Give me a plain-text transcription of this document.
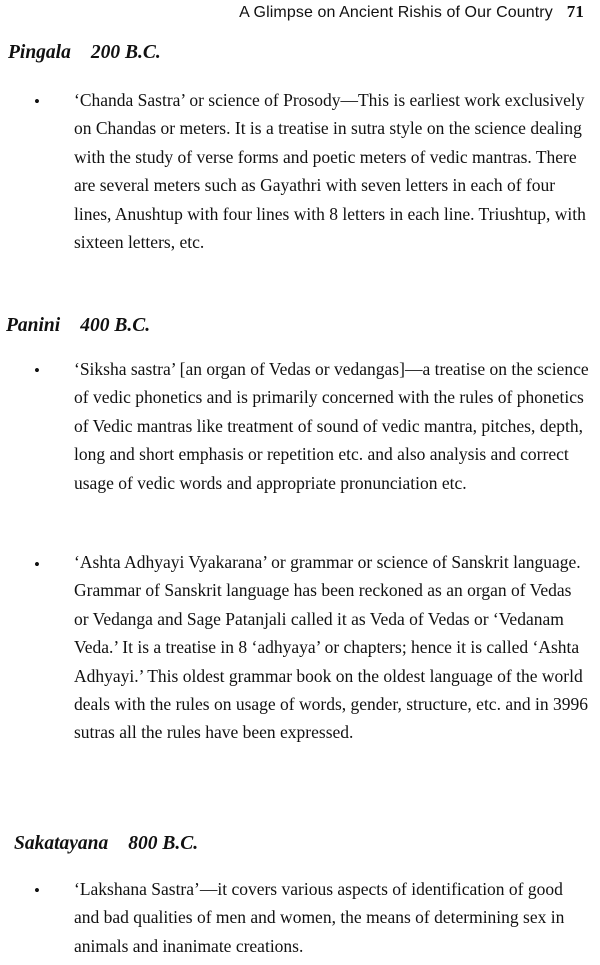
A Glimpse on Ancient Rishis of Our Country 71
Pingala 200 B.C.
• ‘Chanda Sastra’ or science of Prosody—This is earliest work exclusively on Chandas or meters. It is a treatise in sutra style on the science dealing with the study of verse forms and poetic meters of vedic mantras. There are several meters such as Gayathri with seven letters in each of four lines, Anushtup with four lines with 8 letters in each line. Triushtup, with sixteen letters, etc.
Panini 400 B.C.
• ‘Siksha sastra’ [an organ of Vedas or vedangas]—a treatise on the science of vedic phonetics and is primarily concerned with the rules of phonetics of Vedic mantras like treatment of sound of vedic mantra, pitches, depth, long and short emphasis or repetition etc. and also analysis and correct usage of vedic words and appropriate pronunciation etc.
• ‘Ashta Adhyayi Vyakarana’ or grammar or science of Sanskrit language. Grammar of Sanskrit language has been reckoned as an organ of Vedas or Vedanga and Sage Patanjali called it as Veda of Vedas or ‘Vedanam Veda.’ It is a treatise in 8 ‘adhyaya’ or chapters; hence it is called ‘Ashta Adhyayi.’ This oldest grammar book on the oldest language of the world deals with the rules on usage of words, gender, structure, etc. and in 3996 sutras all the rules have been expressed.
Sakatayana 800 B.C.
• ‘Lakshana Sastra’—it covers various aspects of identification of good and bad qualities of men and women, the means of determining sex in animals and inanimate creations.
